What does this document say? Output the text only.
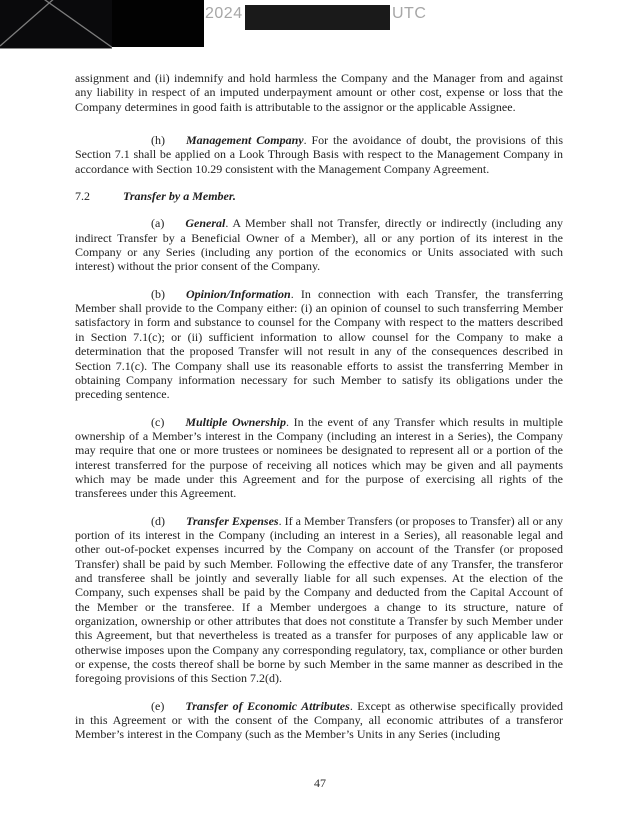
2024	UTC

assignment and (ii) indemnify and hold harmless the Company and the Manager from and against any liability in respect of an imputed underpayment amount or other cost, expense or loss that the Company determines in good faith is attributable to the assignor or the applicable Assignee.

(h) Management Company. For the avoidance of doubt, the provisions of this Section 7.1 shall be applied on a Look Through Basis with respect to the Management Company in accordance with Section 10.29 consistent with the Management Company Agreement.

7.2	Transfer by a Member.

(a) General. A Member shall not Transfer, directly or indirectly (including any indirect Transfer by a Beneficial Owner of a Member), all or any portion of its interest in the Company or any Series (including any portion of the economics or Units associated with such interest) without the prior consent of the Company.

(b) Opinion/Information. In connection with each Transfer, the transferring Member shall provide to the Company either: (i) an opinion of counsel to such transferring Member satisfactory in form and substance to counsel for the Company with respect to the matters described in Section 7.1(c); or (ii) sufficient information to allow counsel for the Company to make a determination that the proposed Transfer will not result in any of the consequences described in Section 7.1(c). The Company shall use its reasonable efforts to assist the transferring Member in obtaining Company information necessary for such Member to satisfy its obligations under the preceding sentence.

(c) Multiple Ownership. In the event of any Transfer which results in multiple ownership of a Member’s interest in the Company (including an interest in a Series), the Company may require that one or more trustees or nominees be designated to represent all or a portion of the interest transferred for the purpose of receiving all notices which may be given and all payments which may be made under this Agreement and for the purpose of exercising all rights of the transferees under this Agreement.

(d) Transfer Expenses. If a Member Transfers (or proposes to Transfer) all or any portion of its interest in the Company (including an interest in a Series), all reasonable legal and other out-of-pocket expenses incurred by the Company on account of the Transfer (or proposed Transfer) shall be paid by such Member. Following the effective date of any Transfer, the transferor and transferee shall be jointly and severally liable for all such expenses. At the election of the Company, such expenses shall be paid by the Company and deducted from the Capital Account of the Member or the transferee. If a Member undergoes a change to its structure, nature of organization, ownership or other attributes that does not constitute a Transfer by such Member under this Agreement, but that nevertheless is treated as a transfer for purposes of any applicable law or otherwise imposes upon the Company any corresponding regulatory, tax, compliance or other burden or expense, the costs thereof shall be borne by such Member in the same manner as described in the foregoing provisions of this Section 7.2(d).

(e) Transfer of Economic Attributes. Except as otherwise specifically provided in this Agreement or with the consent of the Company, all economic attributes of a transferor Member’s interest in the Company (such as the Member’s Units in any Series (including

47
